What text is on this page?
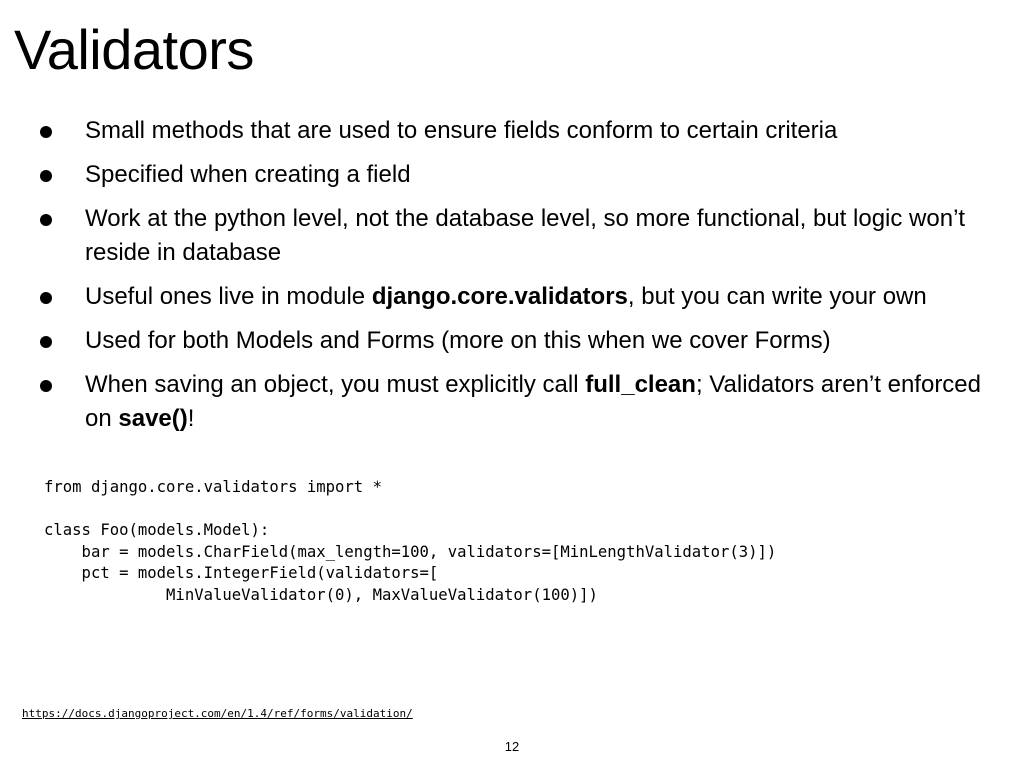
Validators
Small methods that are used to ensure fields conform to certain criteria
Specified when creating a field
Work at the python level, not the database level, so more functional, but logic won’t reside in database
Useful ones live in module django.core.validators, but you can write your own
Used for both Models and Forms (more on this when we cover Forms)
When saving an object, you must explicitly call full_clean; Validators aren’t enforced on save()!
from django.core.validators import *

class Foo(models.Model):
bar = models.CharField(max_length=100, validators=[MinLengthValidator(3)])
pct = models.IntegerField(validators=[
MinValueValidator(0), MaxValueValidator(100)])
https://docs.djangoproject.com/en/1.4/ref/forms/validation/
12
